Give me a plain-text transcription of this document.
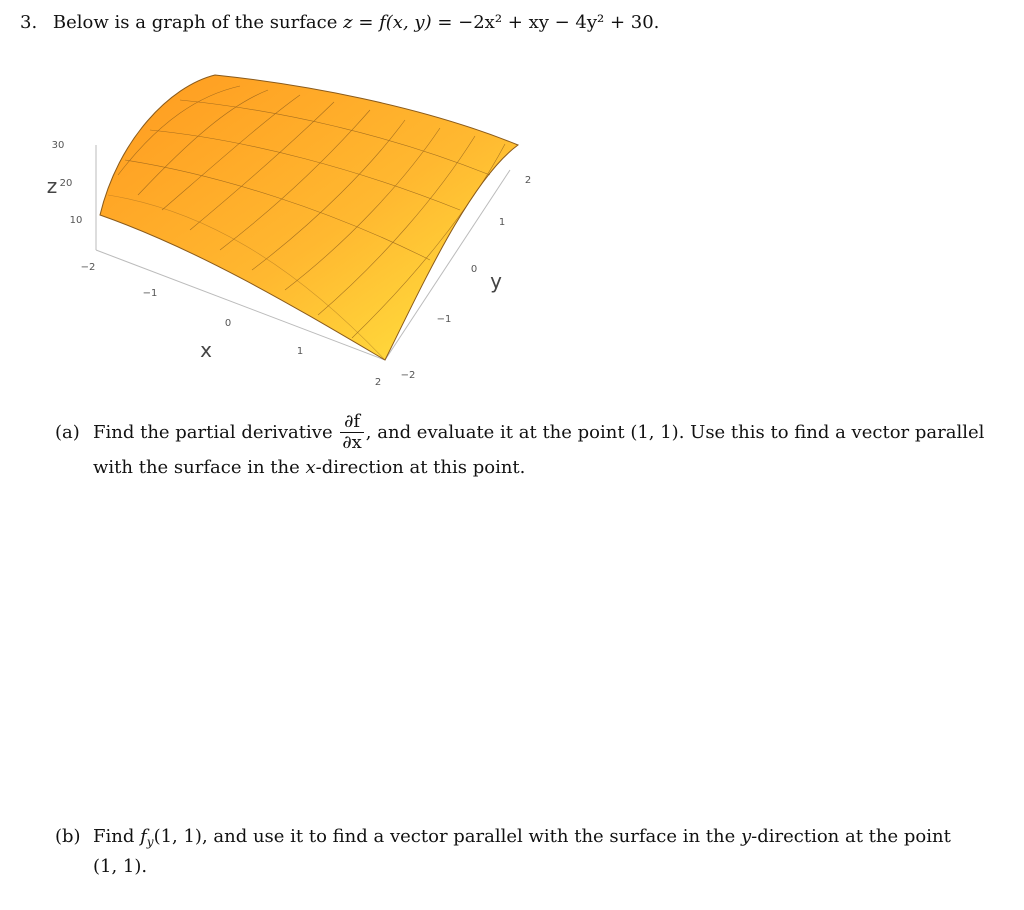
3. Below is a graph of the surface z = f(x, y) = −2x² + xy − 4y² + 30.
30
20
10
z
−2
−1
0
1
2
x
−2
−1
0
1
2
y
(a) Find the partial derivative $\frac{\partial f}{\partial x}$ , and evaluate it at the point (1, 1). Use this to find a vector parallel
with the surface in the x-direction at this point.
(b) Find $f_y(1$, 1), and use it to find a vector parallel with the surface in the y-direction at the point
(1, 1).
